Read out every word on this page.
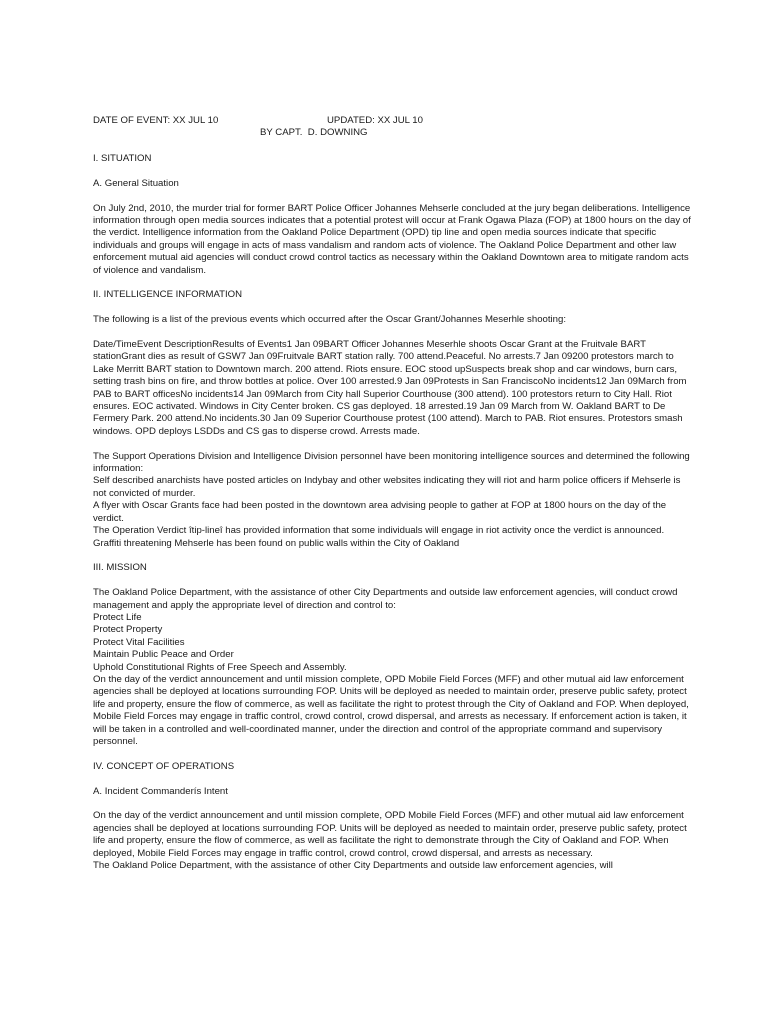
DATE OF EVENT: XX JUL 10	UPDATED: XX JUL 10
BY CAPT.  D. DOWNING

I. SITUATION

A. General Situation

On July 2nd, 2010, the murder trial for former BART Police Officer Johannes Mehserle concluded at the jury began deliberations. Intelligence information through open media sources indicates that a potential protest will occur at Frank Ogawa Plaza (FOP) at 1800 hours on the day of the verdict. Intelligence information from the Oakland Police Department (OPD) tip line and open media sources indicate that specific individuals and groups will engage in acts of mass vandalism and random acts of violence. The Oakland Police Department and other law enforcement mutual aid agencies will conduct crowd control tactics as necessary within the Oakland Downtown area to mitigate random acts of violence and vandalism.

II. INTELLIGENCE INFORMATION

The following is a list of the previous events which occurred after the Oscar Grant/Johannes Meserhle shooting:

Date/TimeEvent DescriptionResults of Events1 Jan 09BART Officer Johannes Meserhle shoots Oscar Grant at the Fruitvale BART stationGrant dies as result of GSW7 Jan 09Fruitvale BART station rally. 700 attend.Peaceful. No arrests.7 Jan 09200 protestors march to Lake Merritt BART station to Downtown march. 200 attend. Riots ensure. EOC stood upSuspects break shop and car windows, burn cars, setting trash bins on fire, and throw bottles at police. Over 100 arrested.9 Jan 09Protests in San FranciscoNo incidents12 Jan 09March from PAB to BART officesNo incidents14 Jan 09March from City hall Superior Courthouse (300 attend). 100 protestors return to City Hall. Riot ensures. EOC activated. Windows in City Center broken. CS gas deployed. 18 arrested.19 Jan 09 March from W. Oakland BART to De Fermery Park. 200 attend.No incidents.30 Jan 09 Superior Courthouse protest (100 attend). March to PAB. Riot ensures. Protestors smash windows. OPD deploys LSDDs and CS gas to disperse crowd. Arrests made.

The Support Operations Division and Intelligence Division personnel have been monitoring intelligence sources and determined the following information:

Self described anarchists have posted articles on Indybay and other websites indicating they will riot and harm police officers if Mehserle is not convicted of murder.

A flyer with Oscar Grants face had been posted in the downtown area advising people to gather at FOP at 1800 hours on the day of the verdict.

The Operation Verdict îtip-lineî has provided information that some individuals will engage in riot activity once the verdict is announced.

Graffiti threatening Mehserle has been found on public walls within the City of Oakland

III. MISSION

The Oakland Police Department, with the assistance of other City Departments and outside law enforcement agencies, will conduct crowd management and apply the appropriate level of direction and control to:

Protect Life

Protect Property

Protect Vital Facilities

Maintain Public Peace and Order

Uphold Constitutional Rights of Free Speech and Assembly.

On the day of the verdict announcement and until mission complete, OPD Mobile Field Forces (MFF) and other mutual aid law enforcement agencies shall be deployed at locations surrounding FOP. Units will be deployed as needed to maintain order, preserve public safety, protect life and property, ensure the flow of commerce, as well as facilitate the right to protest through the City of Oakland and FOP. When deployed, Mobile Field Forces may engage in traffic control, crowd control, crowd dispersal, and arrests as necessary. If enforcement action is taken, it will be taken in a controlled and well-coordinated manner, under the direction and control of the appropriate command and supervisory personnel.

IV. CONCEPT OF OPERATIONS

A. Incident Commanderís Intent

On the day of the verdict announcement and until mission complete, OPD Mobile Field Forces (MFF) and other mutual aid law enforcement agencies shall be deployed at locations surrounding FOP. Units will be deployed as needed to maintain order, preserve public safety, protect life and property, ensure the flow of commerce, as well as facilitate the right to demonstrate through the City of Oakland and FOP. When deployed, Mobile Field Forces may engage in traffic control, crowd control, crowd dispersal, and arrests as necessary.

The Oakland Police Department, with the assistance of other City Departments and outside law enforcement agencies, will
